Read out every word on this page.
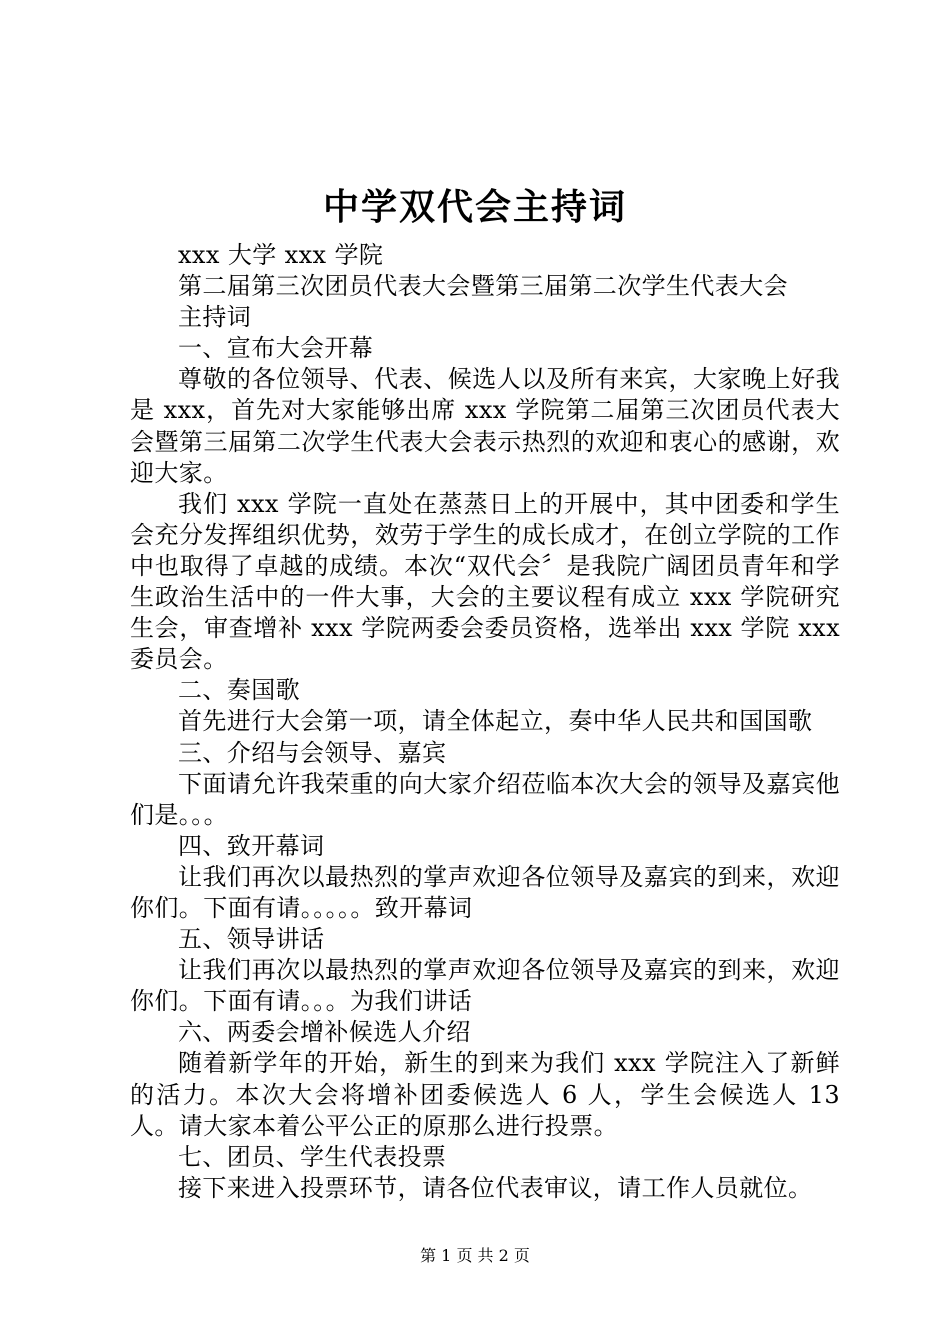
中学双代会主持词

xxx 大学 xxx 学院

第二届第三次团员代表大会暨第三届第二次学生代表大会

主持词

一、宣布大会开幕

尊敬的各位领导、代表、候选人以及所有来宾，大家晚上好我是 xxx，首先对大家能够出席 xxx 学院第二届第三次团员代表大会暨第三届第二次学生代表大会表示热烈的欢迎和衷心的感谢，欢迎大家。

我们 xxx 学院一直处在蒸蒸日上的开展中，其中团委和学生会充分发挥组织优势，效劳于学生的成长成才，在创立学院的工作中也取得了卓越的成绩。本次“双代会〞是我院广阔团员青年和学生政治生活中的一件大事，大会的主要议程有成立 xxx 学院研究生会，审查增补 xxx 学院两委会委员资格，选举出 xxx 学院 xxx 委员会。

二、奏国歌

首先进行大会第一项，请全体起立，奏中华人民共和国国歌

三、介绍与会领导、嘉宾

下面请允许我荣重的向大家介绍莅临本次大会的领导及嘉宾他们是。。。

四、致开幕词

让我们再次以最热烈的掌声欢迎各位领导及嘉宾的到来，欢迎你们。下面有请。。。。。致开幕词

五、领导讲话

让我们再次以最热烈的掌声欢迎各位领导及嘉宾的到来，欢迎你们。下面有请。。。为我们讲话

六、两委会增补候选人介绍

随着新学年的开始，新生的到来为我们 xxx 学院注入了新鲜的活力。本次大会将增补团委候选人 6 人，学生会候选人 13 人。请大家本着公平公正的原那么进行投票。

七、团员、学生代表投票

接下来进入投票环节，请各位代表审议，请工作人员就位。

第 1 页 共 2 页
